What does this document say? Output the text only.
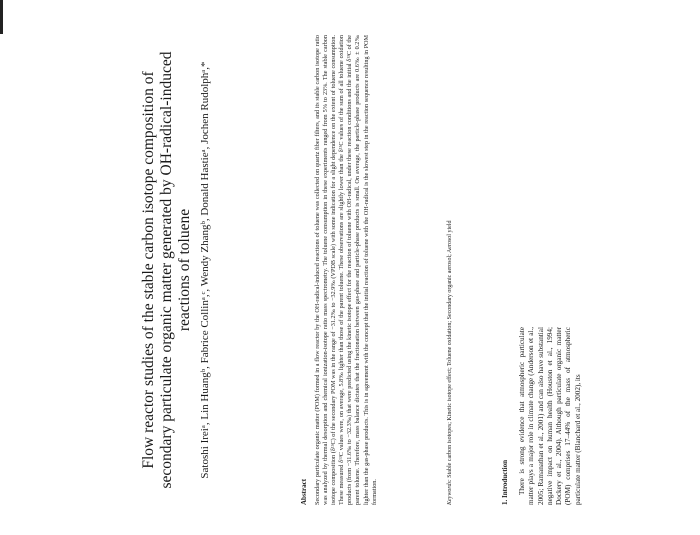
Flow reactor studies of the stable carbon isotope composition of secondary particulate organic matter generated by OH-radical-induced reactions of toluene Satoshi Ireiᵃ, Lin Huangᵇ, Fabrice Collinᵃ,ᶜ, Wendy Zhangᵇ, Donald Hastieᵃ, Jochen Rudolphᵃ,*
Abstract Secondary particulate organic matter (POM) formed in a flow reactor by the OH-radical-induced reactions of toluene was collected on quartz fiber filters, and its stable carbon isotope ratio was analyzed by thermal desorption and chemical ionization-isotope ratio mass spectrometry. The toluene consumption in these experiments ranged from 5% to 23%. The stable carbon isotope composition (δ¹³C) of the secondary POM was in the range of −31.2‰ to −32.9‰ (VPDB scale) with some indication for a slight dependence on the extent of toluene consumption. These measured δ¹³C values were, on average, 5.8‰ lighter than those of the parent toluene. These observations are slightly lower than the δ¹³C values of the sum of all toluene oxidation products (from −31.6‰ to −32.3‰) that were predicted using the kinetic isotope effect for the reaction of toluene with OH-radical, under these reaction conditions and the initial δ¹³C of the parent toluene. Therefore, mass balance dictates that the fractionation between gas-phase and particle-phase products is small. On average, the particle-phase products are 0.6‰ ± 0.2‰ lighter than the gas-phase products. This is in agreement with the concept that the initial reaction of toluene with the OH-radical is the slowest step in the reaction sequence resulting in POM formation.	Keywords: Stable carbon isotopes; Kinetic isotope effect; Toluene oxidation; Secondary organic aerosol; Aerosol yield
1. Introduction There is strong evidence that atmospheric particulate matter plays a major role in climate change (Anderson et al., 2005; Ramanathan et al., 2001) and can also have substantial negative impact on human health (Houston et al., 1994; Dockery et al., 2004). Although particulate organic matter (POM) comprises 17–44% of the mass of atmospheric particulate matter (Blanchard et al., 2002), its
